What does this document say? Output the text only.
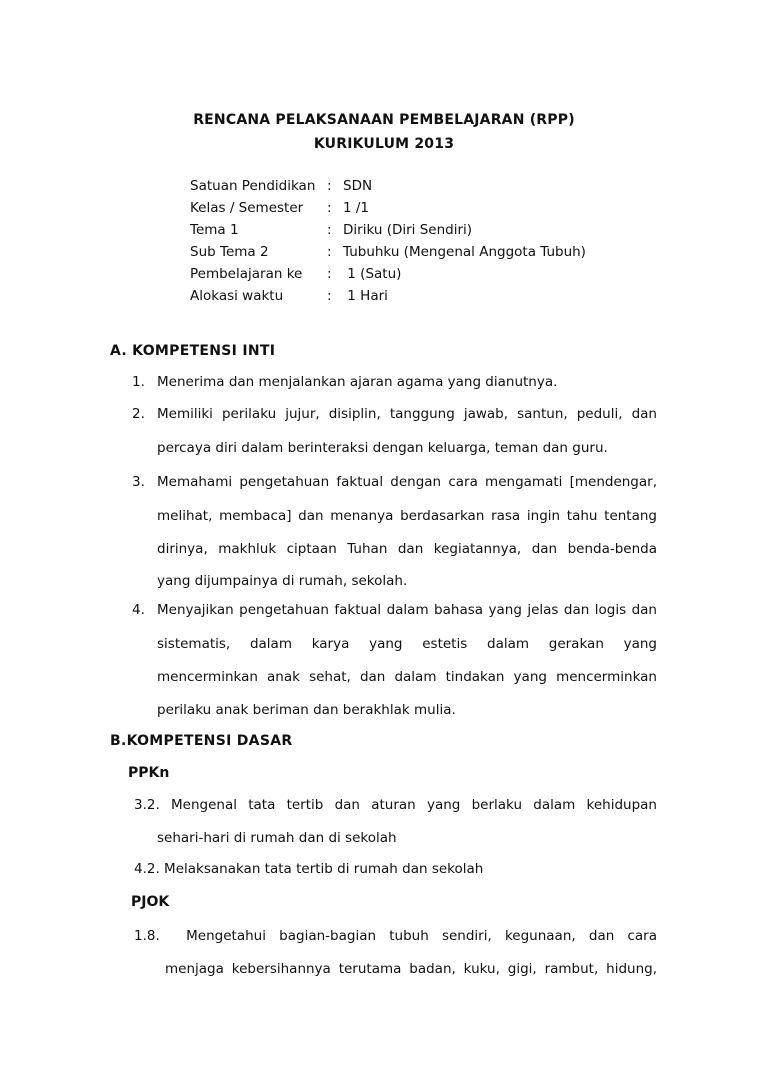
RENCANA PELAKSANAAN PEMBELAJARAN (RPP)
KURIKULUM 2013
Satuan Pendidikan : SDN
Kelas / Semester	: 1 /1
Tema 1	: Diriku (Diri Sendiri)
Sub Tema 2	: Tubuhku (Mengenal Anggota Tubuh)
Pembelajaran ke	: 1 (Satu)
Alokasi waktu	: 1 Hari
A. KOMPETENSI INTI
1. Menerima dan menjalankan ajaran agama yang dianutnya.
2. Memiliki perilaku jujur, disiplin, tanggung jawab, santun, peduli, dan
percaya diri dalam berinteraksi dengan keluarga, teman dan guru.
3. Memahami pengetahuan faktual dengan cara mengamati [mendengar,
melihat, membaca] dan menanya berdasarkan rasa ingin tahu tentang
dirinya, makhluk ciptaan Tuhan dan kegiatannya, dan benda-benda
yang dijumpainya di rumah, sekolah.
4. Menyajikan pengetahuan faktual dalam bahasa yang jelas dan logis dan
sistematis, dalam karya yang estetis dalam gerakan yang
mencerminkan anak sehat, dan dalam tindakan yang mencerminkan
perilaku anak beriman dan berakhlak mulia.
B.KOMPETENSI DASAR
PPKn
3.2. Mengenal tata tertib dan aturan yang berlaku dalam kehidupan
sehari-hari di rumah dan di sekolah
4.2. Melaksanakan tata tertib di rumah dan sekolah
PJOK
1.8.  Mengetahui bagian-bagian tubuh sendiri, kegunaan, dan cara
menjaga kebersihannya terutama badan, kuku, gigi, rambut, hidung,
